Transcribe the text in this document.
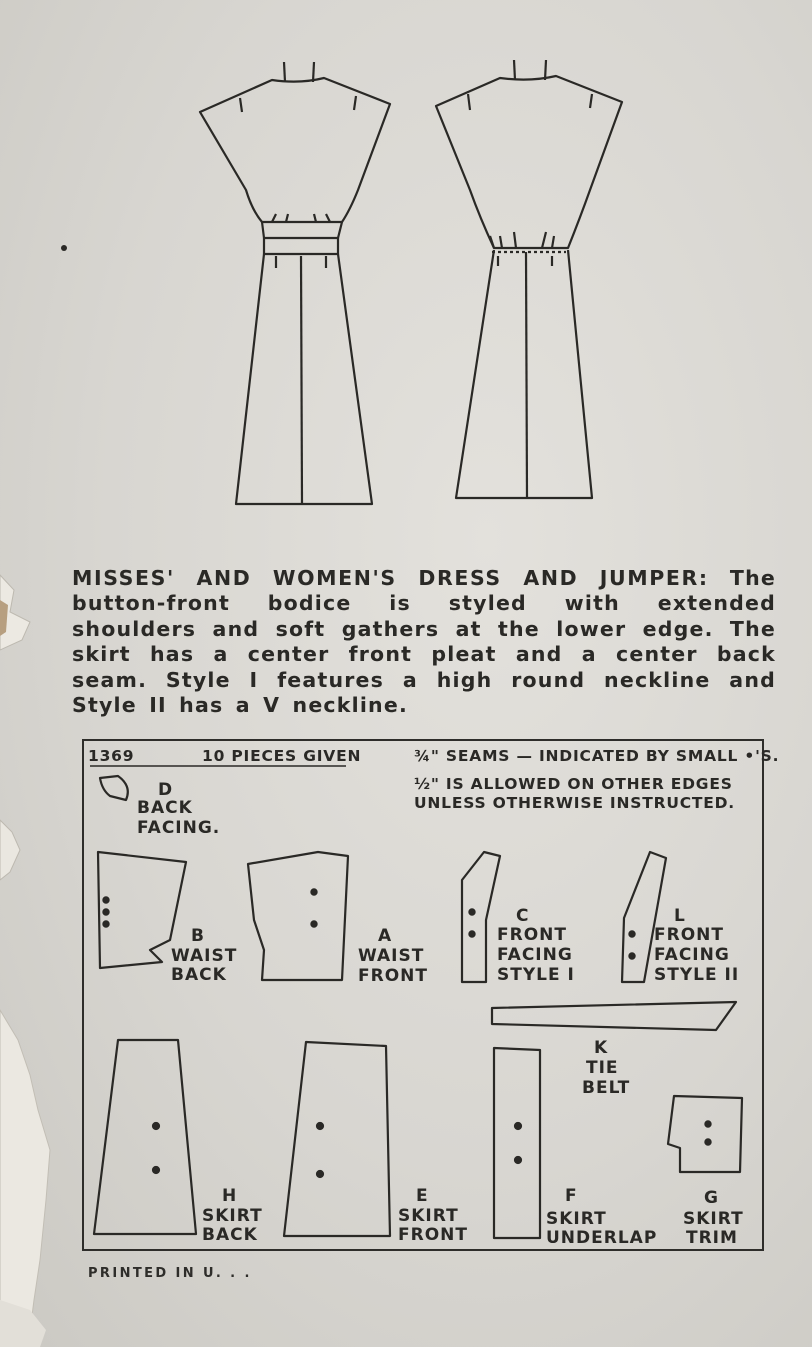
MISSES' AND WOMEN'S DRESS AND JUMPER: The button-front bodice is styled with extended shoulders and soft gathers at the lower edge. The skirt has a center front pleat and a center back seam. Style I features a high round neckline and Style II has a V neckline.
1369	10 PIECES GIVEN	¾" SEAMS — INDICATED BY SMALL •'S.
½" IS ALLOWED ON OTHER EDGES
UNLESS OTHERWISE INSTRUCTED.
D
BACK
FACING.
B
WAIST
BACK
A
WAIST
FRONT
C
FRONT
FACING
STYLE I
L
FRONT
FACING
STYLE II
K
TIE
BELT
H
SKIRT
BACK
E
SKIRT
FRONT
F
SKIRT
UNDERLAP
G
SKIRT
TRIM
PRINTED IN U. . .
